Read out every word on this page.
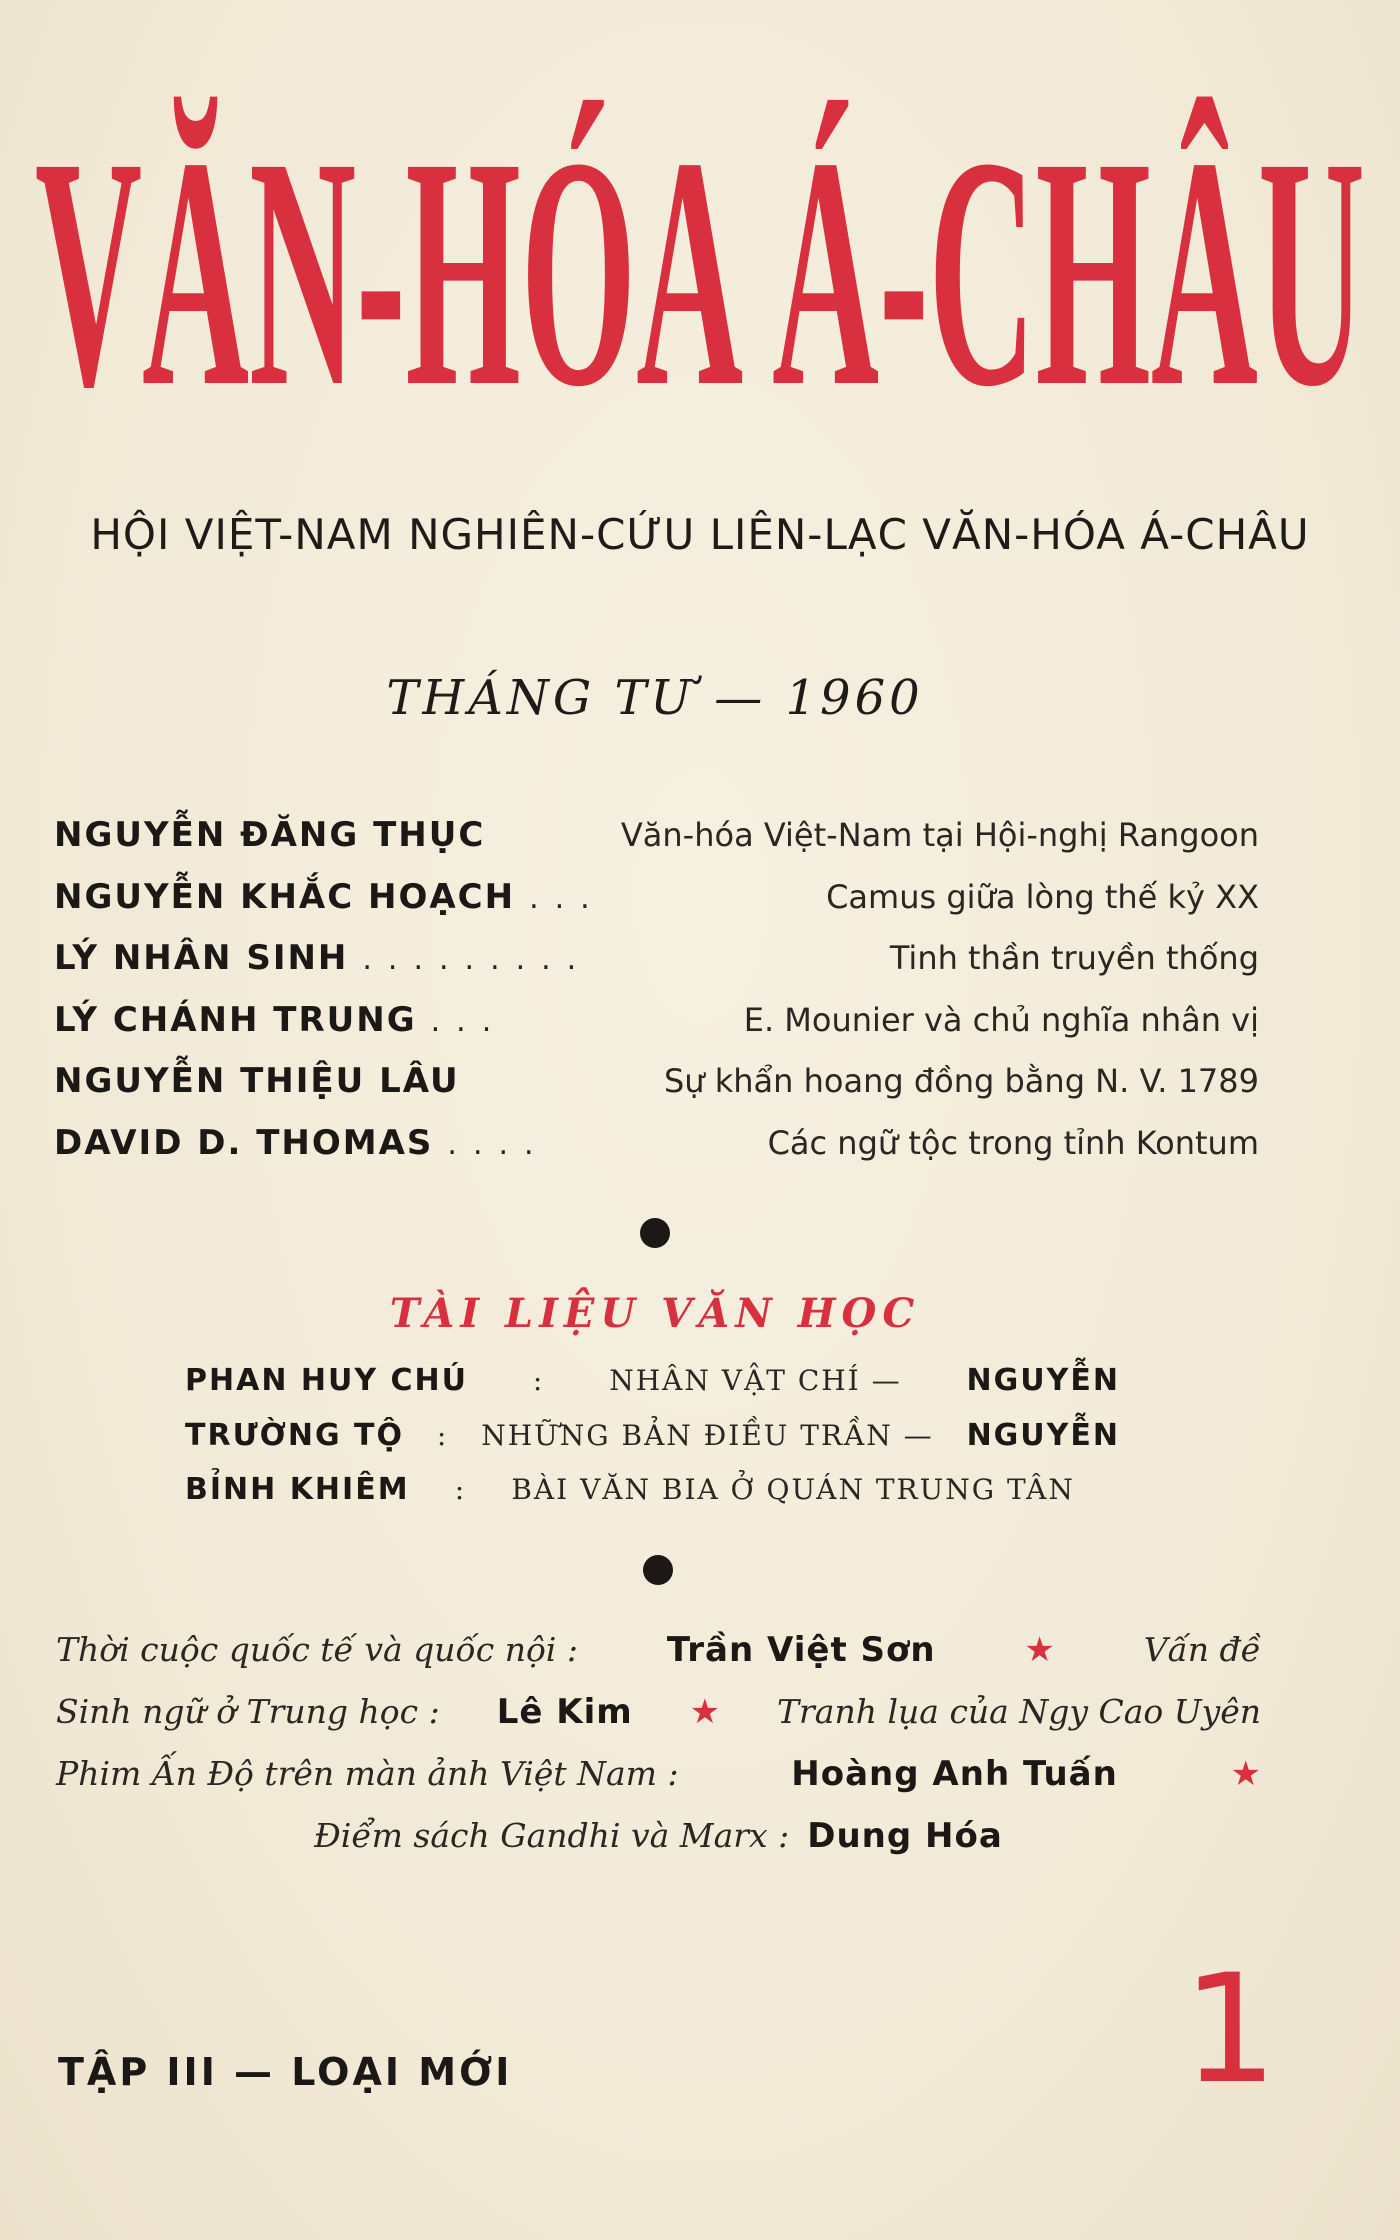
VĂN-HÓA Á-CHÂU
HỘI VIỆT-NAM NGHIÊN-CỨU LIÊN-LẠC VĂN-HÓA Á-CHÂU
THÁNG TƯ — 1960
NGUYỄN ĐĂNG THỤC	Văn-hóa Việt-Nam tại Hội-nghị Rangoon
NGUYỄN KHẮC HOẠCH ...	Camus giữa lòng thế kỷ XX
LÝ NHÂN SINH .........	Tinh thần truyền thống
LÝ CHÁNH TRUNG ...	E. Mounier và chủ nghĩa nhân vị
NGUYỄN THIỆU LÂU	Sự khẩn hoang đồng bằng N. V. 1789
DAVID D. THOMAS ....	Các ngữ tộc trong tỉnh Kontum
TÀI LIỆU VĂN HỌC
PHAN HUY CHÚ : NHÂN VẬT CHÍ — NGUYỄN
TRƯỜNG TỘ : NHỮNG BẢN ĐIỀU TRẦN — NGUYỄN
BỈNH KHIÊM : BÀI VĂN BIA Ở QUÁN TRUNG TÂN
Thời cuộc quốc tế và quốc nội :	Trần Việt Sơn	★	Vấn đề
Sinh ngữ ở Trung học : Lê Kim ★ Tranh lụa của Ngy Cao Uyên
Phim Ấn Độ trên màn ảnh Việt Nam :	Hoàng Anh Tuấn	★
Điểm sách Gandhi và Marx : Dung Hóa
TẬP III — LOẠI MỚI	1
